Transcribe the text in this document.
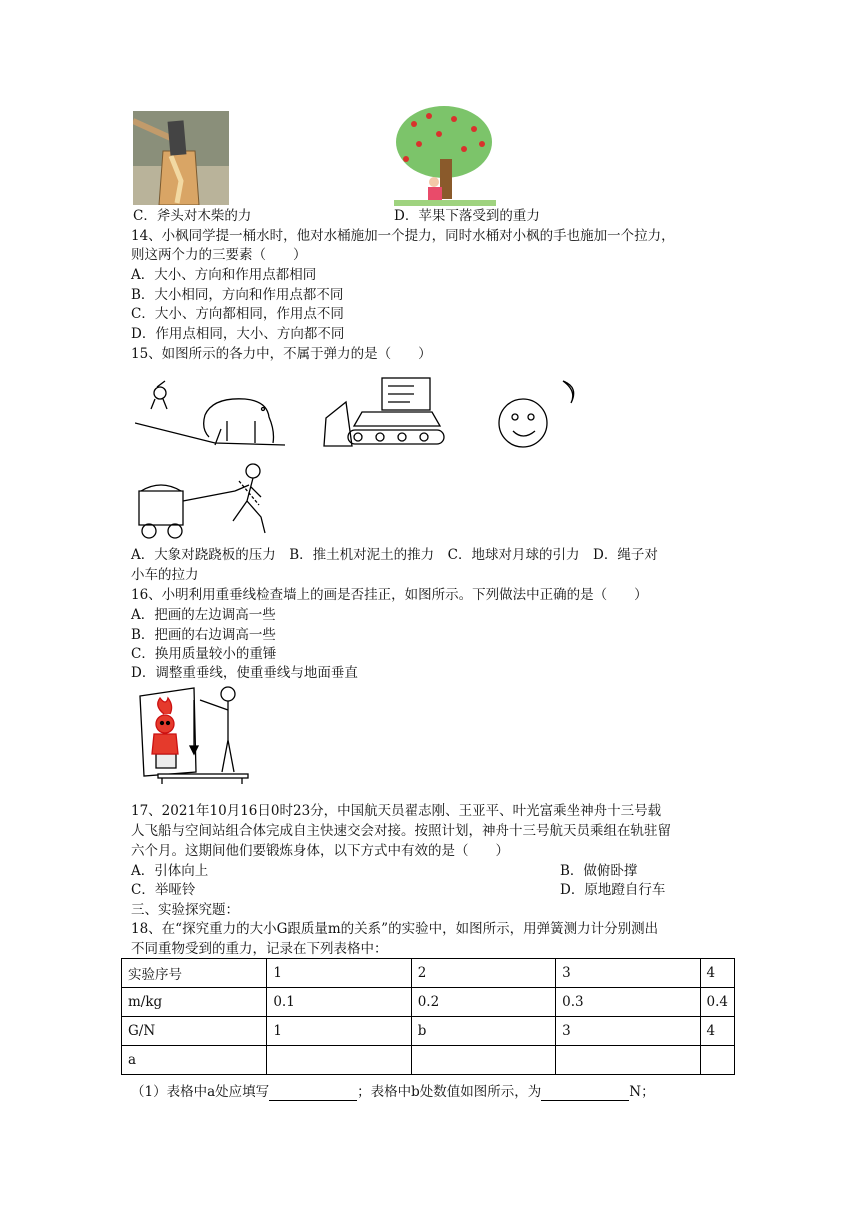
C．斧头对木柴的力	D．苹果下落受到的重力
14、小枫同学提一桶水时，他对水桶施加一个提力，同时水桶对小枫的手也施加一个拉力，
则这两个力的三要素（　　）
A．大小、方向和作用点都相同
B．大小相同，方向和作用点都不同
C．大小、方向都相同，作用点不同
D．作用点相同，大小、方向都不同
15、如图所示的各力中，不属于弹力的是（　　）
A．大象对跷跷板的压力　B．推土机对泥土的推力　C．地球对月球的引力　D．绳子对
小车的拉力
16、小明利用重垂线检查墙上的画是否挂正，如图所示。下列做法中正确的是（　　）
A．把画的左边调高一些
B．把画的右边调高一些
C．换用质量较小的重锤
D．调整重垂线，使重垂线与地面垂直
17、2021年10月16日0时23分，中国航天员翟志刚、王亚平、叶光富乘坐神舟十三号载
人飞船与空间站组合体完成自主快速交会对接。按照计划，神舟十三号航天员乘组在轨驻留
六个月。这期间他们要锻炼身体，以下方式中有效的是（　　）
A．引体向上	B．做俯卧撑
C．举哑铃	D．原地蹬自行车
三、实验探究题：
18、在“探究重力的大小G跟质量m的关系”的实验中，如图所示，用弹簧测力计分别测出
不同重物受到的重力，记录在下列表格中：
实验序号	1	2	3	4
m/kg	0.1	0.2	0.3	0.4
G/N	1	b	3	4
a				
（1）表格中a处应填写	；表格中b处数值如图所示，为	N；
